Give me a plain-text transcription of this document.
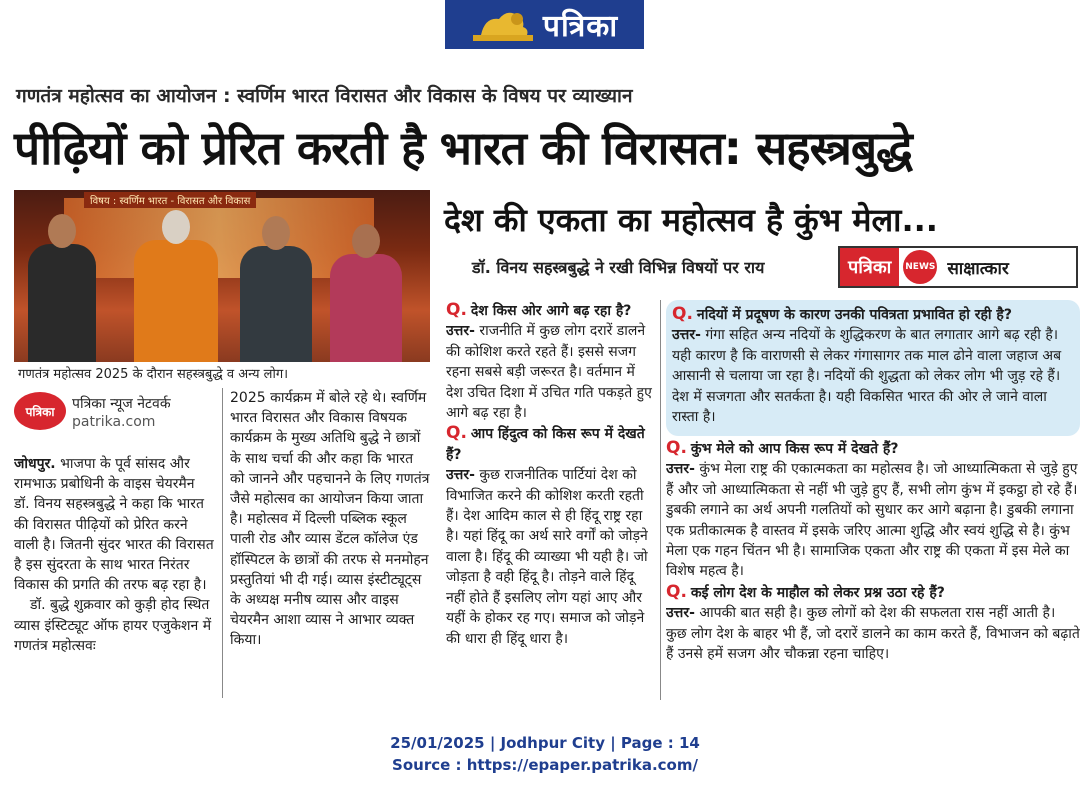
पत्रिका
गणतंत्र महोत्सव का आयोजन : स्वर्णिम भारत विरासत और विकास के विषय पर व्याख्यान
पीढ़ियों को प्रेरित करती है भारत की विरासत: सहस्त्रबुद्धे
विषय : स्वर्णिम भारत - विरासत और विकास
गणतंत्र महोत्सव 2025 के दौरान सहस्त्रबुद्धे व अन्य लोग।
पत्रिका	पत्रिका न्यूज नेटवर्क
patrika.com

जोधपुर. भाजपा के पूर्व सांसद और रामभाऊ प्रबोधिनी के वाइस चेयरमैन डॉ. विनय सहस्त्रबुद्धे ने कहा कि भारत की विरासत पीढ़ियों को प्रेरित करने वाली है। जितनी सुंदर भारत की विरासत है इस सुंदरता के साथ भारत निरंतर विकास की प्रगति की तरफ बढ़ रहा है।

डॉ. बुद्धे शुक्रवार को कुड़ी होद स्थित व्यास इंस्टिट्यूट ऑफ हायर एजुकेशन में गणतंत्र महोत्सवः

2025 कार्यक्रम में बोले रहे थे। स्वर्णिम भारत विरासत और विकास विषयक कार्यक्रम के मुख्य अतिथि बुद्धे ने छात्रों के साथ चर्चा की और कहा कि भारत को जानने और पहचानने के लिए गणतंत्र जैसे महोत्सव का आयोजन किया जाता है। महोत्सव में दिल्ली पब्लिक स्कूल पाली रोड और व्यास डेंटल कॉलेज एंड हॉस्पिटल के छात्रों की तरफ से मनमोहन प्रस्तुतियां भी दी गई। व्यास इंस्टीट्यूट्स के अध्यक्ष मनीष व्यास और वाइस चेयरमैन आशा व्यास ने आभार व्यक्त किया।

देश की एकता का महोत्सव है कुंभ मेला...
डॉ. विनय सहस्त्रबुद्धे ने रखी विभिन्न विषयों पर राय	पत्रिका	NEWS साक्षात्कार

Q. देश किस ओर आगे बढ़ रहा है?

उत्तर- राजनीति में कुछ लोग दरारें डालने की कोशिश करते रहते हैं। इससे सजग रहना सबसे बड़ी जरूरत है। वर्तमान में देश उचित दिशा में उचित गति पकड़ते हुए आगे बढ़ रहा है।

Q. आप हिंदुत्व को किस रूप में देखते हैं?

उत्तर- कुछ राजनीतिक पार्टियां देश को विभाजित करने की कोशिश करती रहती हैं। देश आदिम काल से ही हिंदू राष्ट्र रहा है। यहां हिंदू का अर्थ सारे वर्गों को जोड़ने वाला है। हिंदू की व्याख्या भी यही है। जो जोड़ता है वही हिंदू है। तोड़ने वाले हिंदू नहीं होते हैं इसलिए लोग यहां आए और यहीं के होकर रह गए। समाज को जोड़ने की धारा ही हिंदू धारा है।

Q. नदियों में प्रदूषण के कारण उनकी पवित्रता प्रभावित हो रही है?

उत्तर- गंगा सहित अन्य नदियों के शुद्धिकरण के बात लगातार आगे बढ़ रही है। यही कारण है कि वाराणसी से लेकर गंगासागर तक माल ढोने वाला जहाज अब आसानी से चलाया जा रहा है। नदियों की शुद्धता को लेकर लोग भी जुड़ रहे हैं। देश में सजगता और सतर्कता है। यही विकसित भारत की ओर ले जाने वाला रास्ता है।

Q. कुंभ मेले को आप किस रूप में देखते हैं?

उत्तर- कुंभ मेला राष्ट्र की एकात्मकता का महोत्सव है। जो आध्यात्मिकता से जुड़े हुए हैं और जो आध्यात्मिकता से नहीं भी जुड़े हुए हैं, सभी लोग कुंभ में इकट्ठा हो रहे हैं। डुबकी लगाने का अर्थ अपनी गलतियों को सुधार कर आगे बढ़ाना है। डुबकी लगाना एक प्रतीकात्मक है वास्तव में इसके जरिए आत्मा शुद्धि और स्वयं शुद्धि से है। कुंभ मेला एक गहन चिंतन भी है। सामाजिक एकता और राष्ट्र की एकता में इस मेले का विशेष महत्व है।

Q. कई लोग देश के माहौल को लेकर प्रश्न उठा रहे हैं?

उत्तर- आपकी बात सही है। कुछ लोगों को देश की सफलता रास नहीं आती है। कुछ लोग देश के बाहर भी हैं, जो दरारें डालने का काम करते हैं, विभाजन को बढ़ाते हैं उनसे हमें सजग और चौकन्ना रहना चाहिए।

25/01/2025 | Jodhpur City | Page : 14
Source : https://epaper.patrika.com/
